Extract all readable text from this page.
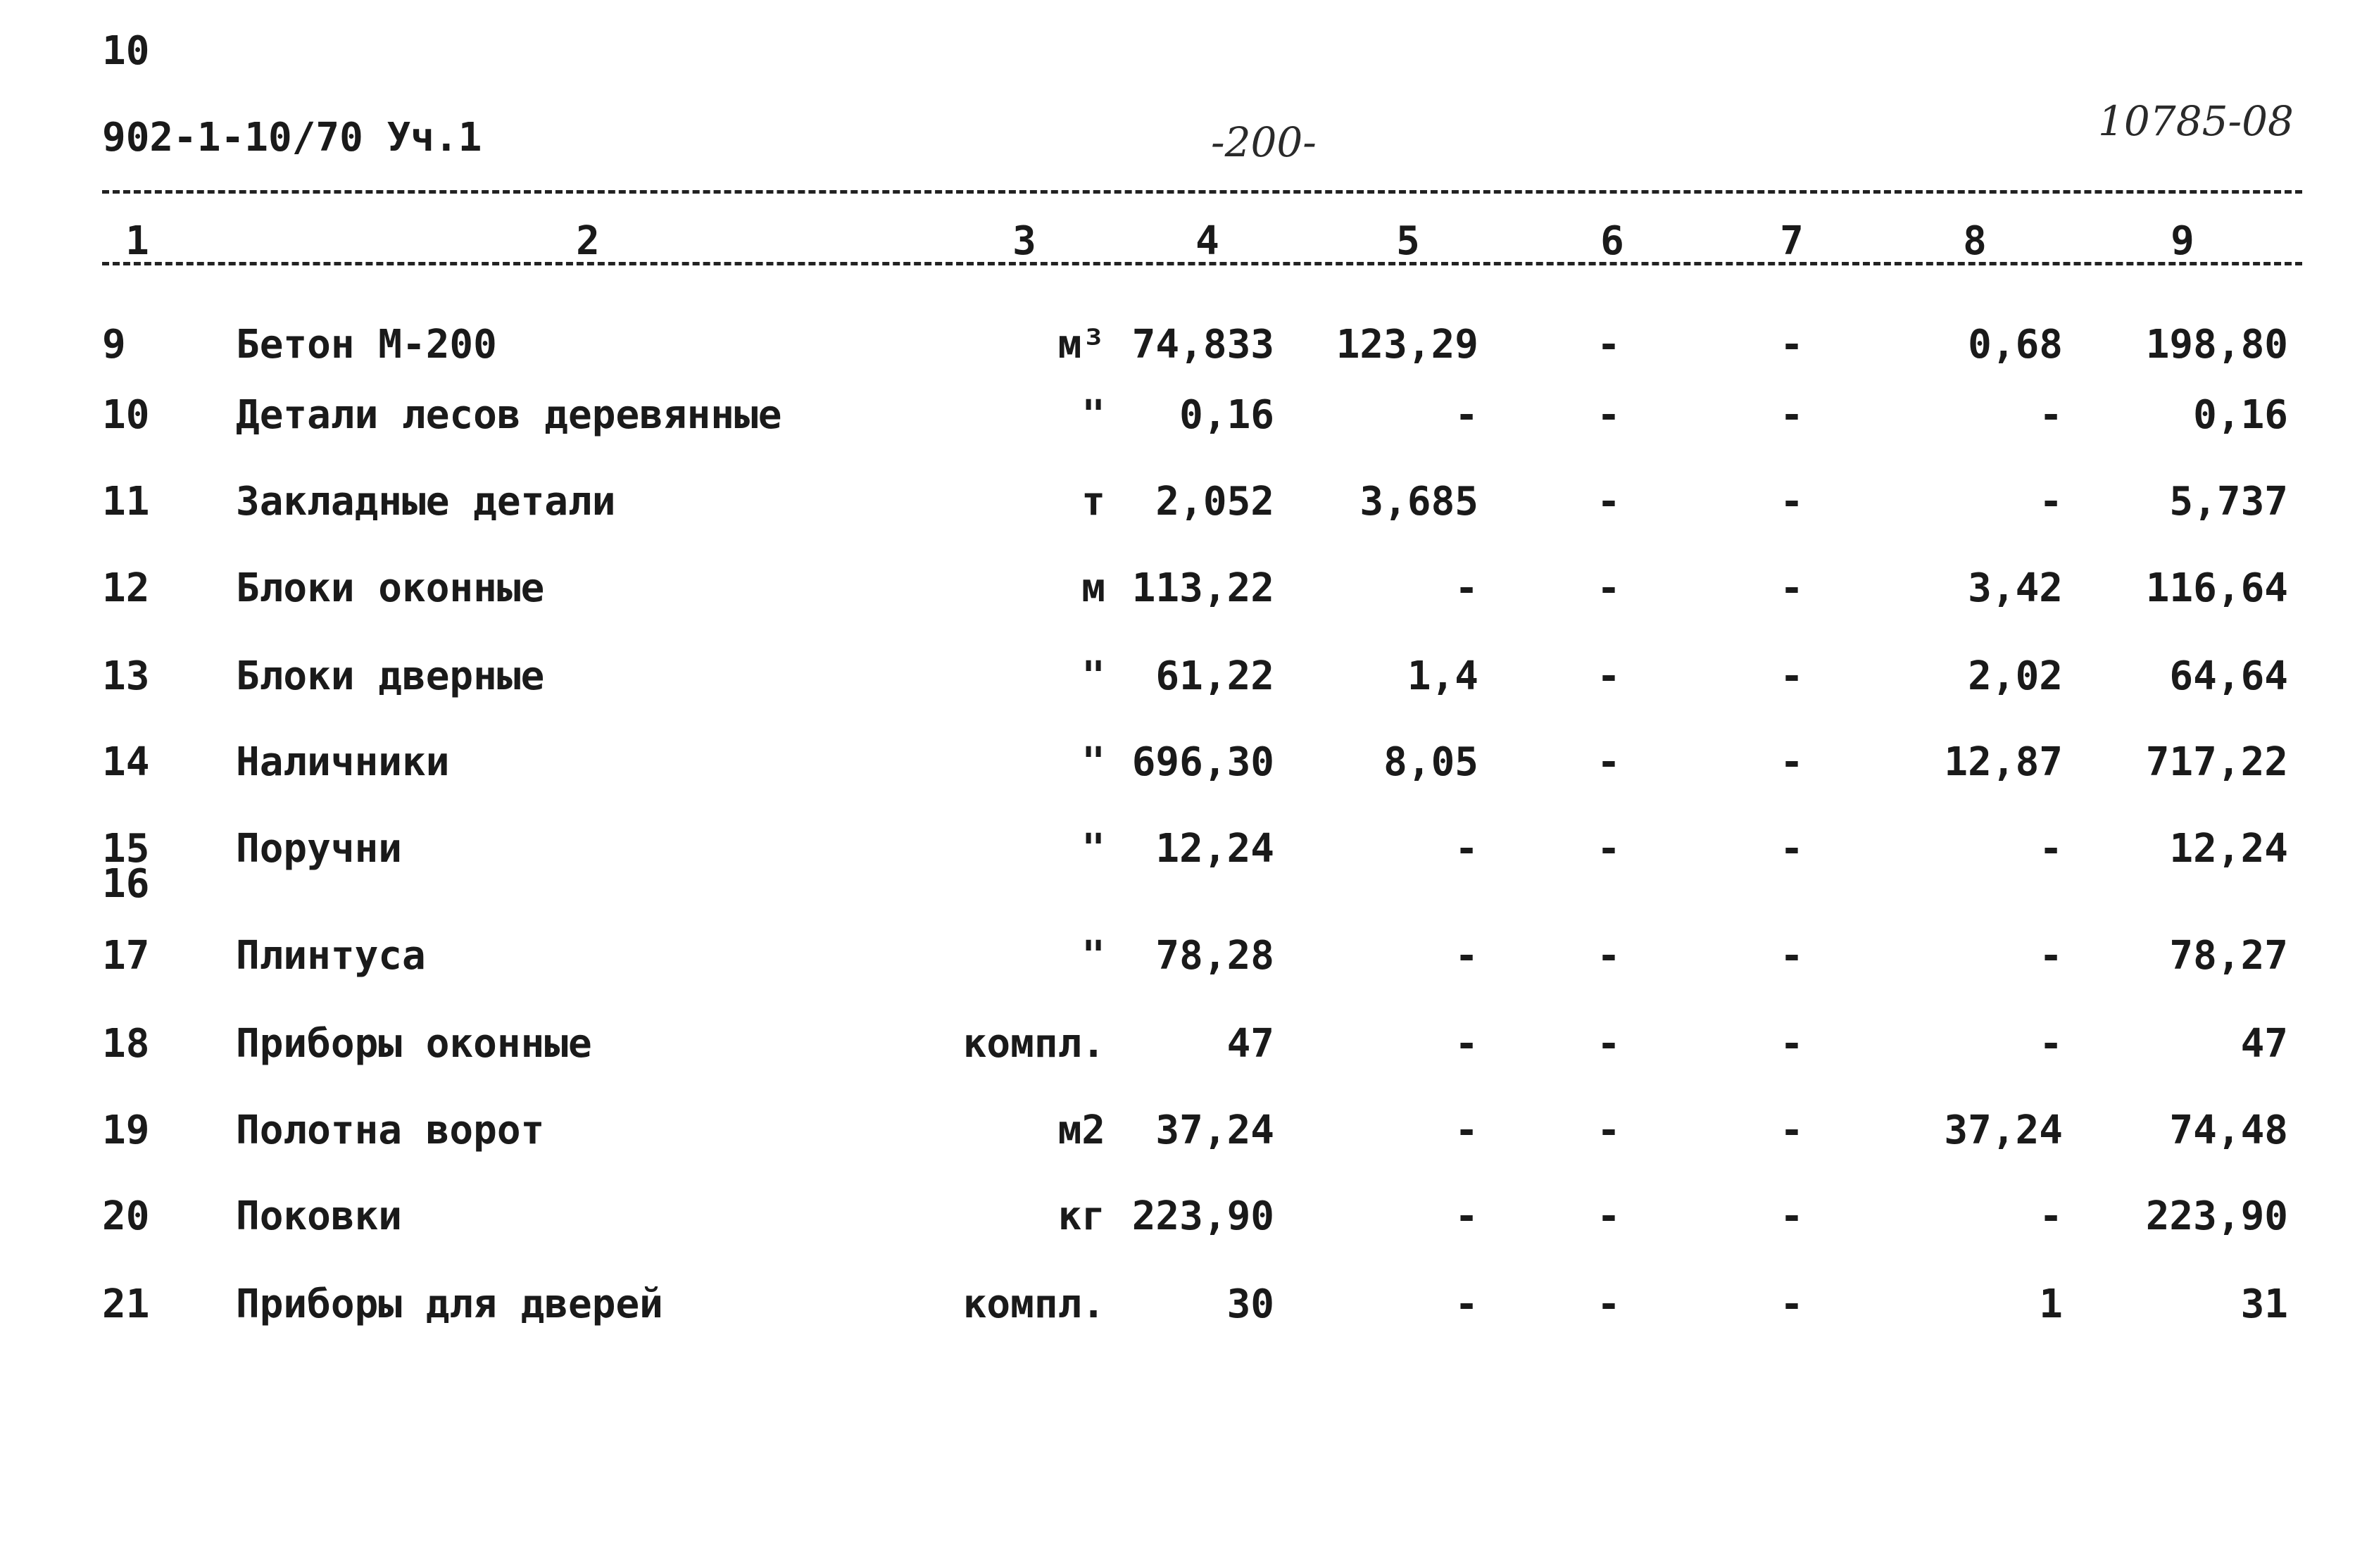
10
902-1-10/70 Уч.1	-200-	10785-08
1	2	3	4	5	6	7	8	9
9	Бетон М-200	м³ 74,833	123,29	-	-	0,68	198,80
10	Детали лесов деревянные	"	0,16	-	-	-	-	0,16
11	Закладные детали	т	2,052	3,685	-	-	-	5,737
12	Блоки оконные	м 113,22	-	-	-	3,42	116,64
13	Блоки дверные	"	61,22	1,4	-	-	2,02	64,64
14	Наличники	" 696,30	8,05	-	-	12,87	717,22
15	Поручни	"	12,24	-	-	-	-	12,24
16
17	Плинтуса	"	78,28	-	-	-	-	78,27
18	Приборы оконные	компл.	47	-	-	-	-	47
19	Полотна ворот	м2	37,24	-	-	-	37,24	74,48
20	Поковки	кг 223,90	-	-	-	-	223,90
21	Приборы для дверей	компл.	30	-	-	-	1	31
